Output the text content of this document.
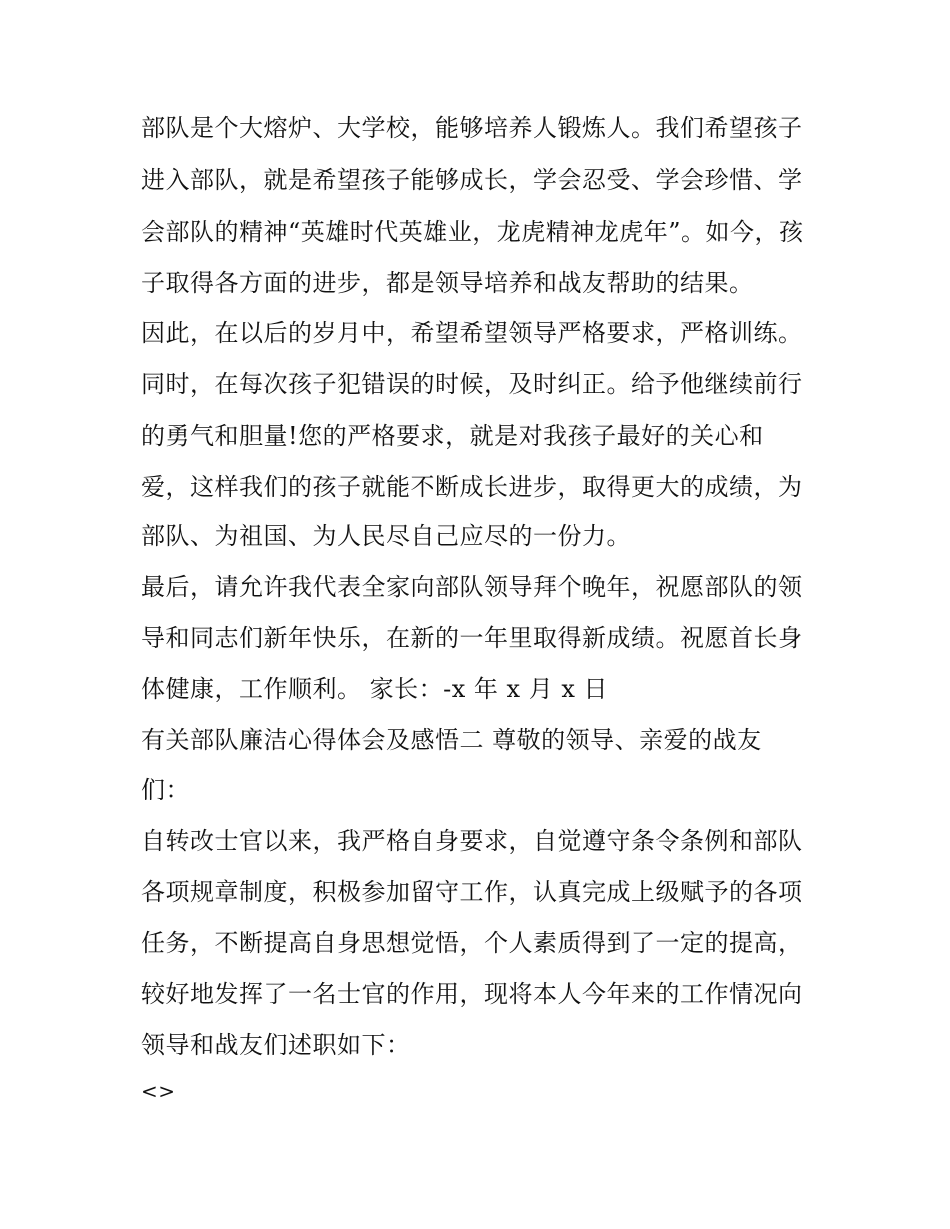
部队是个大熔炉、大学校，能够培养人锻炼人。我们希望孩子
进入部队，就是希望孩子能够成长，学会忍受、学会珍惜、学
会部队的精神“英雄时代英雄业，龙虎精神龙虎年”。如今，孩
子取得各方面的进步，都是领导培养和战友帮助的结果。
因此，在以后的岁月中，希望希望领导严格要求，严格训练。
同时，在每次孩子犯错误的时候，及时纠正。给予他继续前行
的勇气和胆量!您的严格要求，就是对我孩子最好的关心和
爱，这样我们的孩子就能不断成长进步，取得更大的成绩，为
部队、为祖国、为人民尽自己应尽的一份力。
最后，请允许我代表全家向部队领导拜个晚年，祝愿部队的领
导和同志们新年快乐，在新的一年里取得新成绩。祝愿首长身
体健康，工作顺利。 家长：-x 年 x 月 x 日
有关部队廉洁心得体会及感悟二 尊敬的领导、亲爱的战友
们：
自转改士官以来，我严格自身要求，自觉遵守条令条例和部队
各项规章制度，积极参加留守工作，认真完成上级赋予的各项
任务，不断提高自身思想觉悟，个人素质得到了一定的提高，
较好地发挥了一名士官的作用，现将本人今年来的工作情况向
领导和战友们述职如下：
<>
